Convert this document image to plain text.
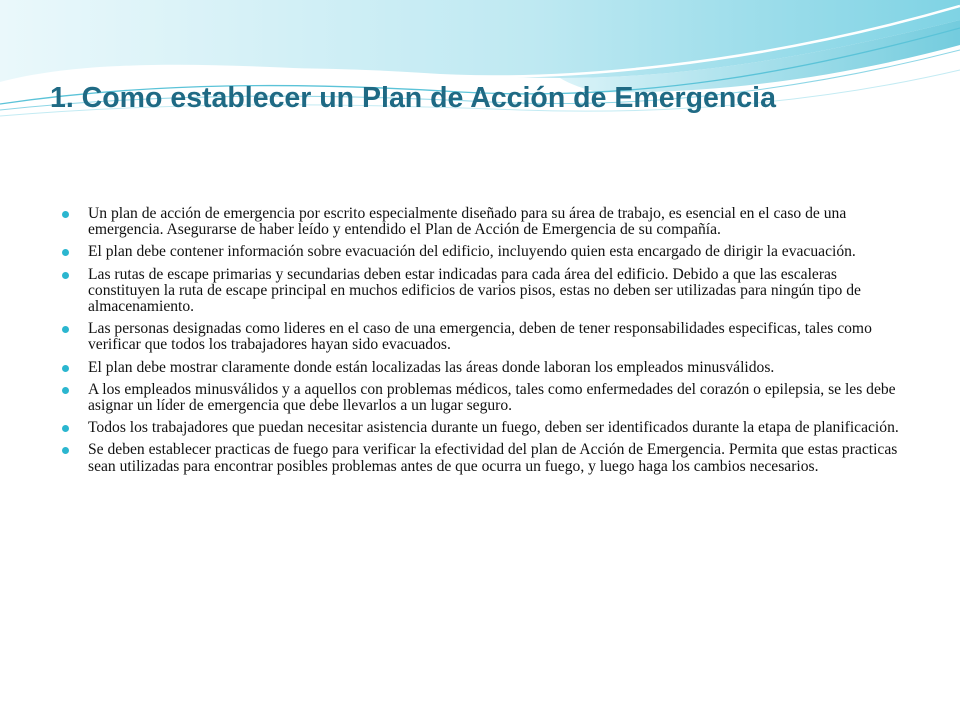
1. Como establecer un Plan de Acción de Emergencia
Un plan de acción de emergencia por escrito especialmente diseñado para su área de trabajo, es esencial en el caso de una emergencia. Asegurarse de haber leído y entendido el Plan de Acción de Emergencia de su compañía.
El plan debe contener información sobre evacuación del edificio, incluyendo quien esta encargado de dirigir la evacuación.
Las rutas de escape primarias y secundarias deben estar indicadas para cada área del edificio. Debido a que las escaleras constituyen la ruta de escape principal en muchos edificios de varios pisos, estas no deben ser utilizadas para ningún tipo de almacenamiento.
Las personas designadas como lideres en el caso de una emergencia, deben de tener responsabilidades especificas, tales como verificar que todos los trabajadores hayan sido evacuados.
El plan debe mostrar claramente donde están localizadas las áreas donde laboran los empleados minusválidos.
A los empleados minusválidos y a aquellos con problemas médicos, tales como enfermedades del corazón o epilepsia, se les debe asignar un líder de emergencia que debe llevarlos a un lugar seguro.
Todos los trabajadores que puedan necesitar asistencia durante un fuego, deben ser identificados durante la etapa de planificación.
Se deben establecer practicas de fuego para verificar la efectividad del plan de Acción de Emergencia. Permita que estas practicas sean utilizadas para encontrar posibles problemas antes de que ocurra un fuego, y luego haga los cambios necesarios.
